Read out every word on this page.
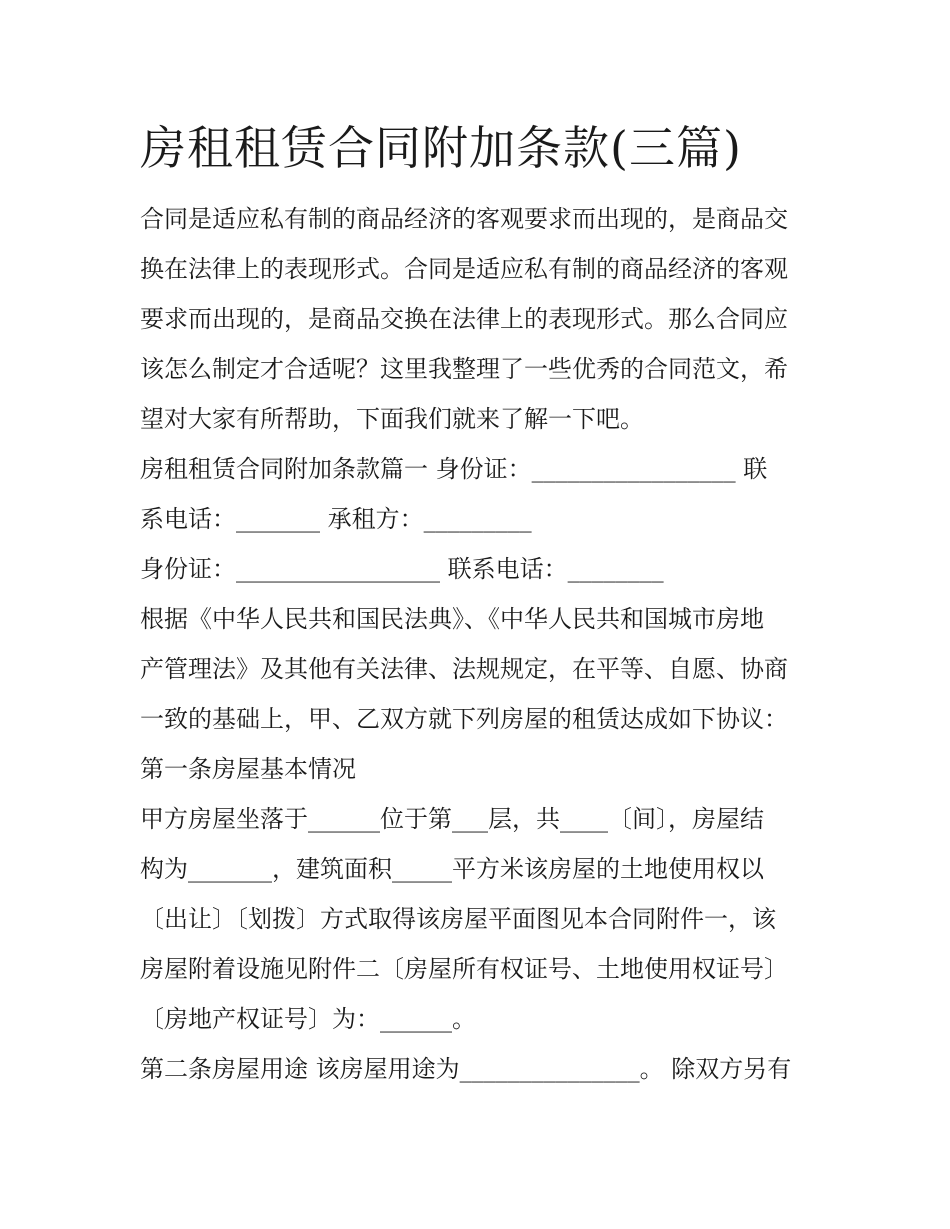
房租租赁合同附加条款(三篇)

合同是适应私有制的商品经济的客观要求而出现的，是商品交

换在法律上的表现形式。合同是适应私有制的商品经济的客观

要求而出现的，是商品交换在法律上的表现形式。那么合同应

该怎么制定才合适呢？这里我整理了一些优秀的合同范文，希

望对大家有所帮助，下面我们就来了解一下吧。

房租租赁合同附加条款篇一 身份证：_________________ 联

系电话：_______ 承租方：_________

身份证：_________________ 联系电话：________

根据《中华人民共和国民法典》、《中华人民共和国城市房地

产管理法》及其他有关法律、法规规定，在平等、自愿、协商

一致的基础上，甲、乙双方就下列房屋的租赁达成如下协议：

第一条房屋基本情况

甲方房屋坐落于______位于第___层，共____〔间〕，房屋结

构为_______，建筑面积_____平方米该房屋的土地使用权以

〔出让〕〔划拨〕方式取得该房屋平面图见本合同附件一，该

房屋附着设施见附件二〔房屋所有权证号、土地使用权证号〕

〔房地产权证号〕为：______。

第二条房屋用途 该房屋用途为_______________。 除双方另有
